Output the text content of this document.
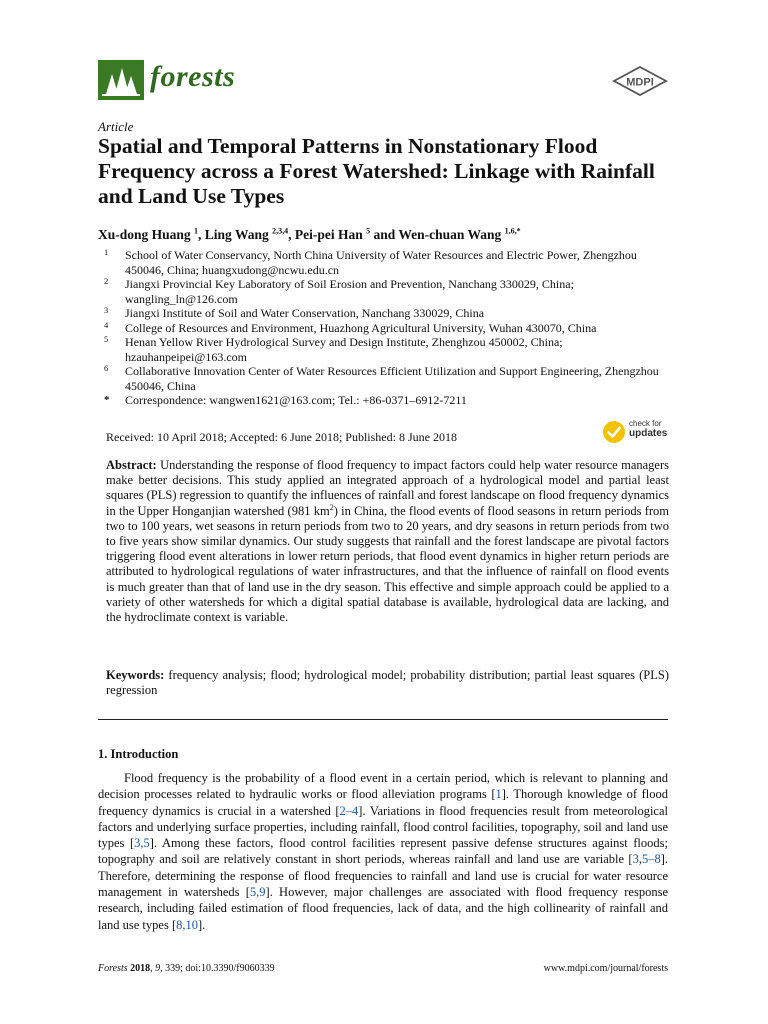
forests	MDPI
Article
Spatial and Temporal Patterns in Nonstationary Flood Frequency across a Forest Watershed: Linkage with Rainfall and Land Use Types
Xu-dong Huang $^1$, Ling Wang $^{2,3,4}$, Pei-pei Han $^5$ and Wen-chuan Wang $^{1,6,*}$
1 School of Water Conservancy, North China University of Water Resources and Electric Power, Zhengzhou 450046, China; huangxudong@ncwu.edu.cn
2 Jiangxi Provincial Key Laboratory of Soil Erosion and Prevention, Nanchang 330029, China; wangling_ln@126.com
3 Jiangxi Institute of Soil and Water Conservation, Nanchang 330029, China
4 College of Resources and Environment, Huazhong Agricultural University, Wuhan 430070, China
5 Henan Yellow River Hydrological Survey and Design Institute, Zhenghzou 450002, China; hzauhanpeipei@163.com
6 Collaborative Innovation Center of Water Resources Efficient Utilization and Support Engineering, Zhengzhou 450046, China
* Correspondence: wangwen1621@163.com; Tel.: +86-0371–6912-7211
Received: 10 April 2018; Accepted: 6 June 2018; Published: 8 June 2018
check for
updates

Abstract: Understanding the response of flood frequency to impact factors could help water resource managers make better decisions. This study applied an integrated approach of a hydrological model and partial least squares (PLS) regression to quantify the influences of rainfall and forest landscape on flood frequency dynamics in the Upper Honganjian watershed (981 $km^2$) in China, the flood events of flood seasons in return periods from two to 100 years, wet seasons in return periods from two to 20 years, and dry seasons in return periods from two to five years show similar dynamics. Our study suggests that rainfall and the forest landscape are pivotal factors triggering flood event alterations in lower return periods, that flood event dynamics in higher return periods are attributed to hydrological regulations of water infrastructures, and that the influence of rainfall on flood events is much greater than that of land use in the dry season. This effective and simple approach could be applied to a variety of other watersheds for which a digital spatial database is available, hydrological data are lacking, and the hydroclimate context is variable.

Keywords: frequency analysis; flood; hydrological model; probability distribution; partial least squares (PLS) regression

1. Introduction

Flood frequency is the probability of a flood event in a certain period, which is relevant to planning and decision processes related to hydraulic works or flood alleviation programs [1]. Thorough knowledge of flood frequency dynamics is crucial in a watershed [2–4]. Variations in flood frequencies result from meteorological factors and underlying surface properties, including rainfall, flood control facilities, topography, soil and land use types [3,5]. Among these factors, flood control facilities represent passive defense structures against floods; topography and soil are relatively constant in short periods, whereas rainfall and land use are variable [3,5–8]. Therefore, determining the response of flood frequencies to rainfall and land use is crucial for water resource management in watersheds [5,9]. However, major challenges are associated with flood frequency response research, including failed estimation of flood frequencies, lack of data, and the high collinearity of rainfall and land use types [8,10].

Forests 2018, 9, 339; doi:10.3390/f9060339	www.mdpi.com/journal/forests
